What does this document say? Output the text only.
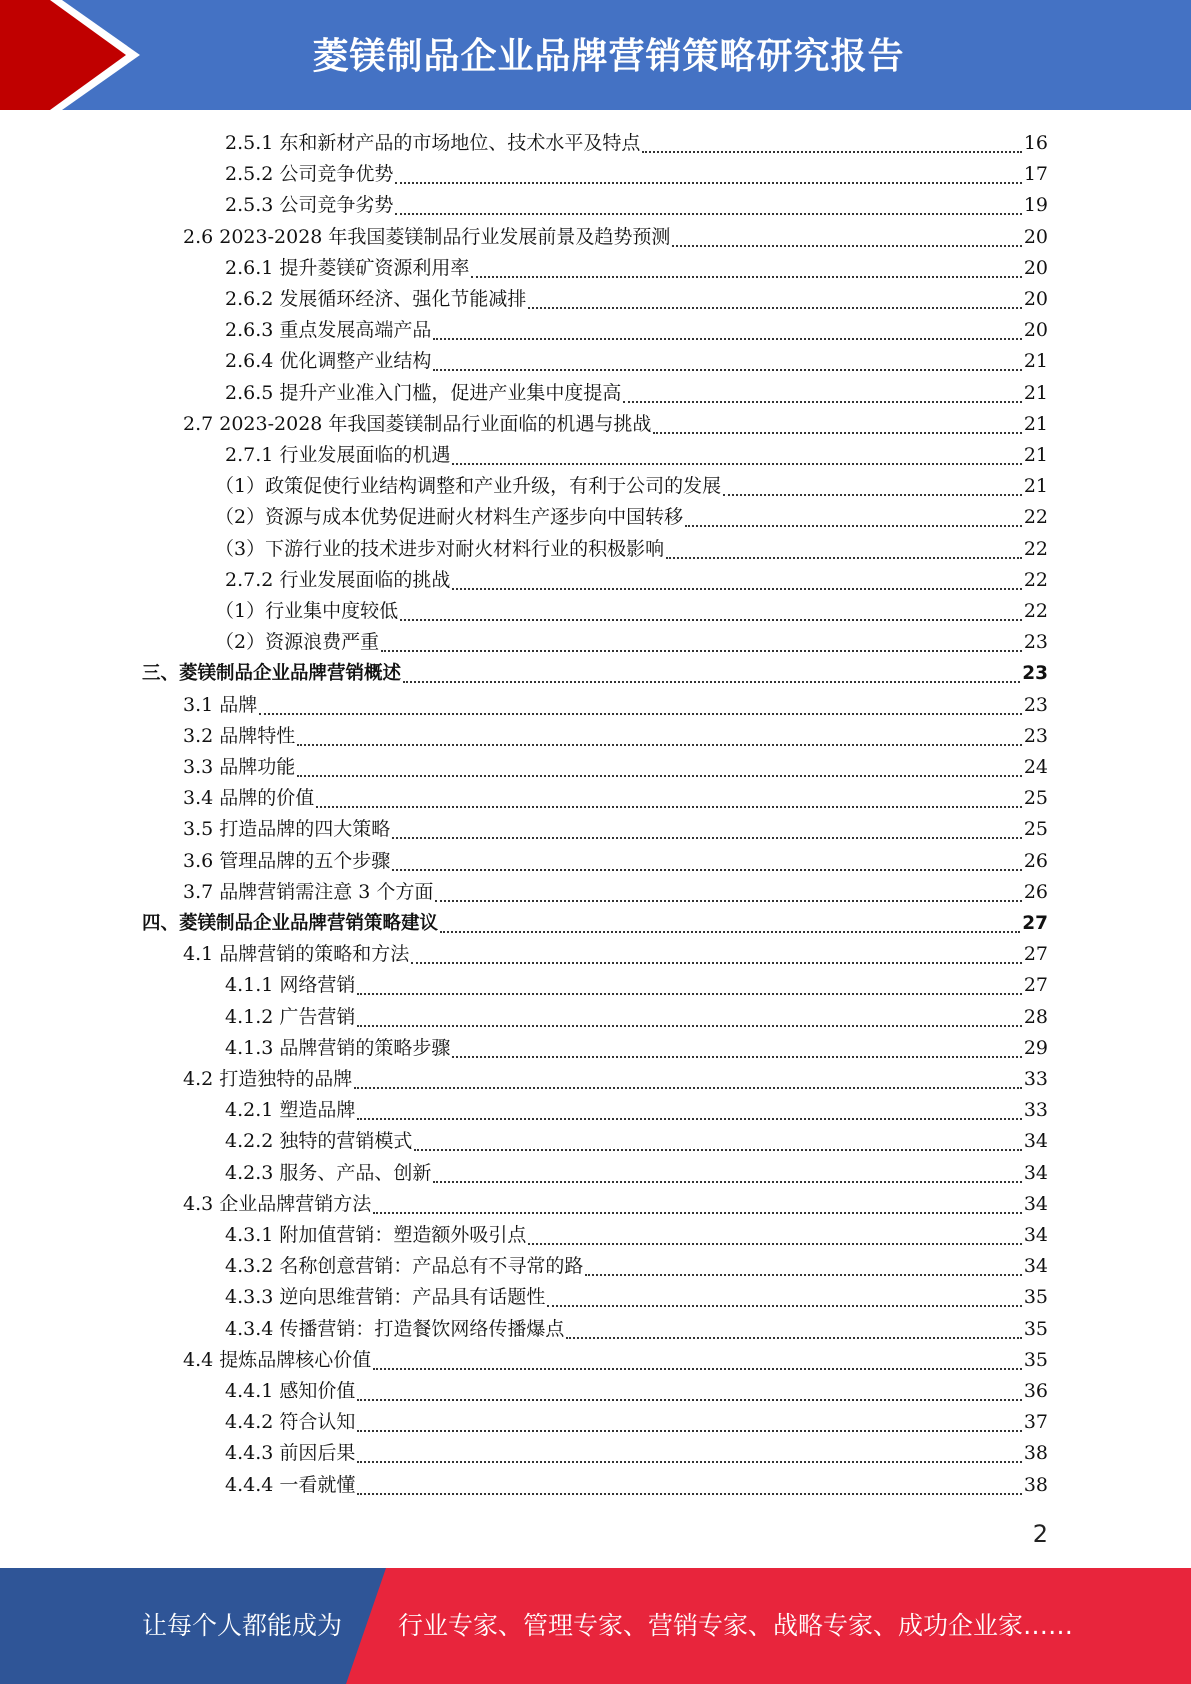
菱镁制品企业品牌营销策略研究报告
2.5.1 东和新材产品的市场地位、技术水平及特点	16
2.5.2 公司竞争优势	17
2.5.3 公司竞争劣势	19
2.6 2023-2028 年我国菱镁制品行业发展前景及趋势预测	20
2.6.1 提升菱镁矿资源利用率	20
2.6.2 发展循环经济、强化节能减排	20
2.6.3 重点发展高端产品	20
2.6.4 优化调整产业结构	21
2.6.5 提升产业准入门槛，促进产业集中度提高	21
2.7 2023-2028 年我国菱镁制品行业面临的机遇与挑战	21
2.7.1 行业发展面临的机遇	21
（1）政策促使行业结构调整和产业升级，有利于公司的发展	21
（2）资源与成本优势促进耐火材料生产逐步向中国转移	22
（3）下游行业的技术进步对耐火材料行业的积极影响	22
2.7.2 行业发展面临的挑战	22
（1）行业集中度较低	22
（2）资源浪费严重	23
三、菱镁制品企业品牌营销概述	23
3.1 品牌	23
3.2 品牌特性	23
3.3 品牌功能	24
3.4 品牌的价值	25
3.5 打造品牌的四大策略	25
3.6 管理品牌的五个步骤	26
3.7 品牌营销需注意 3 个方面	26
四、菱镁制品企业品牌营销策略建议	27
4.1 品牌营销的策略和方法	27
4.1.1 网络营销	27
4.1.2 广告营销	28
4.1.3 品牌营销的策略步骤	29
4.2 打造独特的品牌	33
4.2.1 塑造品牌	33
4.2.2 独特的营销模式	34
4.2.3 服务、产品、创新	34
4.3 企业品牌营销方法	34
4.3.1 附加值营销：塑造额外吸引点	34
4.3.2 名称创意营销：产品总有不寻常的路	34
4.3.3 逆向思维营销：产品具有话题性	35
4.3.4 传播营销：打造餐饮网络传播爆点	35
4.4 提炼品牌核心价值	35
4.4.1 感知价值	36
4.4.2 符合认知	37
4.4.3 前因后果	38
4.4.4 一看就懂	38
2
让每个人都能成为 行业专家、管理专家、营销专家、战略专家、成功企业家……
